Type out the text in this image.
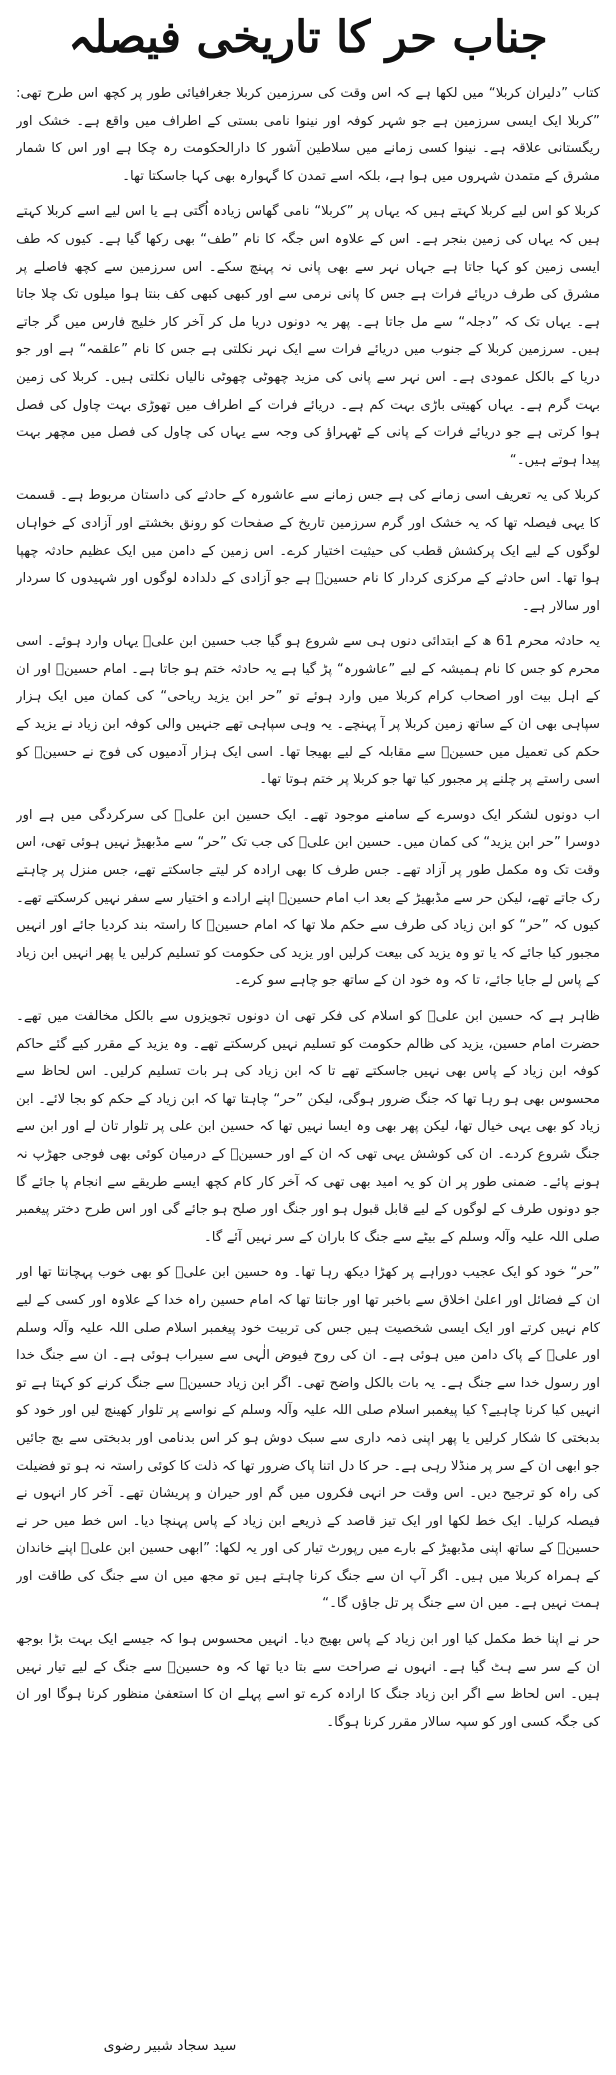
جناب حر کا تاریخی فیصلہ

کتاب ”دلیران کربلا“ میں لکھا ہے کہ اس وقت کی سرزمین کربلا جغرافیائی طور پر کچھ اس طرح تھی: ”کربلا ایک ایسی سرزمین ہے جو شہر کوفہ اور نینوا نامی بستی کے اطراف میں واقع ہے۔ خشک اور ریگستانی علاقہ ہے۔ نینوا کسی زمانے میں سلاطین آشور کا دارالحکومت رہ چکا ہے اور اس کا شمار مشرق کے متمدن شہروں میں ہوا ہے، بلکہ اسے تمدن کا گہوارہ بھی کہا جاسکتا تھا۔

کربلا کو اس لیے کربلا کہتے ہیں کہ یہاں پر ”کربلا“ نامی گھاس زیادہ اُگتی ہے یا اس لیے اسے کربلا کہتے ہیں کہ یہاں کی زمین بنجر ہے۔ اس کے علاوہ اس جگہ کا نام ”طف“ بھی رکھا گیا ہے۔ کیوں کہ طف ایسی زمین کو کہا جاتا ہے جہاں نہر سے بھی پانی نہ پہنچ سکے۔ اس سرزمین سے کچھ فاصلے پر مشرق کی طرف دریائے فرات ہے جس کا پانی نرمی سے اور کبھی کبھی کف بنتا ہوا میلوں تک چلا جاتا ہے۔ یہاں تک کہ ”دجلہ“ سے مل جاتا ہے۔ پھر یہ دونوں دریا مل کر آخر کار خلیج فارس میں گر جاتے ہیں۔ سرزمین کربلا کے جنوب میں دریائے فرات سے ایک نہر نکلتی ہے جس کا نام ”علقمہ“ ہے اور جو دریا کے بالکل عمودی ہے۔ اس نہر سے پانی کی مزید چھوٹی چھوٹی نالیاں نکلتی ہیں۔ کربلا کی زمین بہت گرم ہے۔ یہاں کھیتی باڑی بہت کم ہے۔ دریائے فرات کے اطراف میں تھوڑی بہت چاول کی فصل ہوا کرتی ہے جو دریائے فرات کے پانی کے ٹھہراؤ کی وجہ سے یہاں کی چاول کی فصل میں مچھر بہت پیدا ہوتے ہیں۔“

کربلا کی یہ تعریف اسی زمانے کی ہے جس زمانے سے عاشورہ کے حادثے کی داستان مربوط ہے۔ قسمت کا یہی فیصلہ تھا کہ یہ خشک اور گرم سرزمین تاریخ کے صفحات کو رونق بخشتے اور آزادی کے خواہاں لوگوں کے لیے ایک پرکشش قطب کی حیثیت اختیار کرے۔ اس زمین کے دامن میں ایک عظیم حادثہ چھپا ہوا تھا۔ اس حادثے کے مرکزی کردار کا نام حسینؑ ہے جو آزادی کے دلدادہ لوگوں اور شہیدوں کا سردار اور سالار ہے۔

یہ حادثہ محرم 61 ھ کے ابتدائی دنوں ہی سے شروع ہو گیا جب حسین ابن علیؑ یہاں وارد ہوئے۔ اسی محرم کو جس کا نام ہمیشہ کے لیے ”عاشورہ“ پڑ گیا ہے یہ حادثہ ختم ہو جاتا ہے۔ امام حسینؑ اور ان کے اہل بیت اور اصحاب کرام کربلا میں وارد ہوئے تو ”حر ابن یزید ریاحی“ کی کمان میں ایک ہزار سپاہی بھی ان کے ساتھ زمین کربلا پر آ پہنچے۔ یہ وہی سپاہی تھے جنہیں والی کوفہ ابن زیاد نے یزید کے حکم کی تعمیل میں حسینؑ سے مقابلہ کے لیے بھیجا تھا۔ اسی ایک ہزار آدمیوں کی فوج نے حسینؑ کو اسی راستے پر چلنے پر مجبور کیا تھا جو کربلا پر ختم ہوتا تھا۔

اب دونوں لشکر ایک دوسرے کے سامنے موجود تھے۔ ایک حسین ابن علیؑ کی سرکردگی میں ہے اور دوسرا ”حر ابن یزید“ کی کمان میں۔ حسین ابن علیؑ کی جب تک ”حر“ سے مڈبھیڑ نہیں ہوئی تھی، اس وقت تک وہ مکمل طور پر آزاد تھے۔ جس طرف کا بھی ارادہ کر لیتے جاسکتے تھے، جس منزل پر چاہتے رک جاتے تھے، لیکن حر سے مڈبھیڑ کے بعد اب امام حسینؑ اپنے ارادے و اختیار سے سفر نہیں کرسکتے تھے۔ کیوں کہ ”حر“ کو ابن زیاد کی طرف سے حکم ملا تھا کہ امام حسینؑ کا راستہ بند کردیا جائے اور انہیں مجبور کیا جائے کہ یا تو وہ یزید کی بیعت کرلیں اور یزید کی حکومت کو تسلیم کرلیں یا پھر انہیں ابن زیاد کے پاس لے جایا جائے، تا کہ وہ خود ان کے ساتھ جو چاہے سو کرے۔

ظاہر ہے کہ حسین ابن علیؑ کو اسلام کی فکر تھی ان دونوں تجویزوں سے بالکل مخالفت میں تھے۔ حضرت امام حسین، یزید کی ظالم حکومت کو تسلیم نہیں کرسکتے تھے۔ وہ یزید کے مقرر کیے گئے حاکم کوفہ ابن زیاد کے پاس بھی نہیں جاسکتے تھے تا کہ ابن زیاد کی ہر بات تسلیم کرلیں۔ اس لحاظ سے محسوس بھی ہو رہا تھا کہ جنگ ضرور ہوگی، لیکن ”حر“ چاہتا تھا کہ ابن زیاد کے حکم کو بجا لائے۔ ابن زیاد کو بھی یہی خیال تھا، لیکن پھر بھی وہ ایسا نہیں تھا کہ حسین ابن علی پر تلوار تان لے اور ابن سے جنگ شروع کردے۔ ان کی کوشش یہی تھی کہ ان کے اور حسینؑ کے درمیان کوئی بھی فوجی جھڑپ نہ ہونے پائے۔ ضمنی طور پر ان کو یہ امید بھی تھی کہ آخر کار کام کچھ ایسے طریقے سے انجام پا جائے گا جو دونوں طرف کے لوگوں کے لیے قابل قبول ہو اور جنگ اور صلح ہو جائے گی اور اس طرح دختر پیغمبر صلی اللہ علیہ وآلہ وسلم کے بیٹے سے جنگ کا باران کے سر نہیں آئے گا۔

”حر“ خود کو ایک عجیب دوراہے پر کھڑا دیکھ رہا تھا۔ وہ حسین ابن علیؑ کو بھی خوب پہچانتا تھا اور ان کے فضائل اور اعلیٰ اخلاق سے باخبر تھا اور جانتا تھا کہ امام حسین راہ خدا کے علاوہ اور کسی کے لیے کام نہیں کرتے اور ایک ایسی شخصیت ہیں جس کی تربیت خود پیغمبر اسلام صلی اللہ علیہ وآلہ وسلم اور علیؑ کے پاک دامن میں ہوئی ہے۔ ان کی روح فیوض الٰہی سے سیراب ہوئی ہے۔ ان سے جنگ خدا اور رسول خدا سے جنگ ہے۔ یہ بات بالکل واضح تھی۔ اگر ابن زیاد حسینؑ سے جنگ کرنے کو کہتا ہے تو انہیں کیا کرنا چاہیے؟ کیا پیغمبر اسلام صلی اللہ علیہ وآلہ وسلم کے نواسے پر تلوار کھینچ لیں اور خود کو بدبختی کا شکار کرلیں یا پھر اپنی ذمہ داری سے سبک دوش ہو کر اس بدنامی اور بدبختی سے بچ جائیں جو ابھی ان کے سر پر منڈلا رہی ہے۔ حر کا دل اتنا پاک ضرور تھا کہ ذلت کا کوئی راستہ نہ ہو تو فضیلت کی راہ کو ترجیح دیں۔ اس وقت حر انہی فکروں میں گم اور حیران و پریشان تھے۔ آخر کار انہوں نے فیصلہ کرلیا۔ ایک خط لکھا اور ایک تیز قاصد کے ذریعے ابن زیاد کے پاس پہنچا دیا۔ اس خط میں حر نے حسینؑ کے ساتھ اپنی مڈبھیڑ کے بارے میں رپورٹ تیار کی اور یہ لکھا: ”ابھی حسین ابن علیؑ اپنے خاندان کے ہمراہ کربلا میں ہیں۔ اگر آپ ان سے جنگ کرنا چاہتے ہیں تو مجھ میں ان سے جنگ کی طاقت اور ہمت نہیں ہے۔ میں ان سے جنگ پر تل جاؤں گا۔“

حر نے اپنا خط مکمل کیا اور ابن زیاد کے پاس بھیج دیا۔ انہیں محسوس ہوا کہ جیسے ایک بہت بڑا بوجھ ان کے سر سے ہٹ گیا ہے۔ انہوں نے صراحت سے بتا دیا تھا کہ وہ حسینؑ سے جنگ کے لیے تیار نہیں ہیں۔ اس لحاظ سے اگر ابن زیاد جنگ کا ارادہ کرے تو اسے پہلے ان کا استعفیٰ منظور کرنا ہوگا اور ان کی جگہ کسی اور کو سپہ سالار مقرر کرنا ہوگا۔

سید سجاد شبیر رضوی
